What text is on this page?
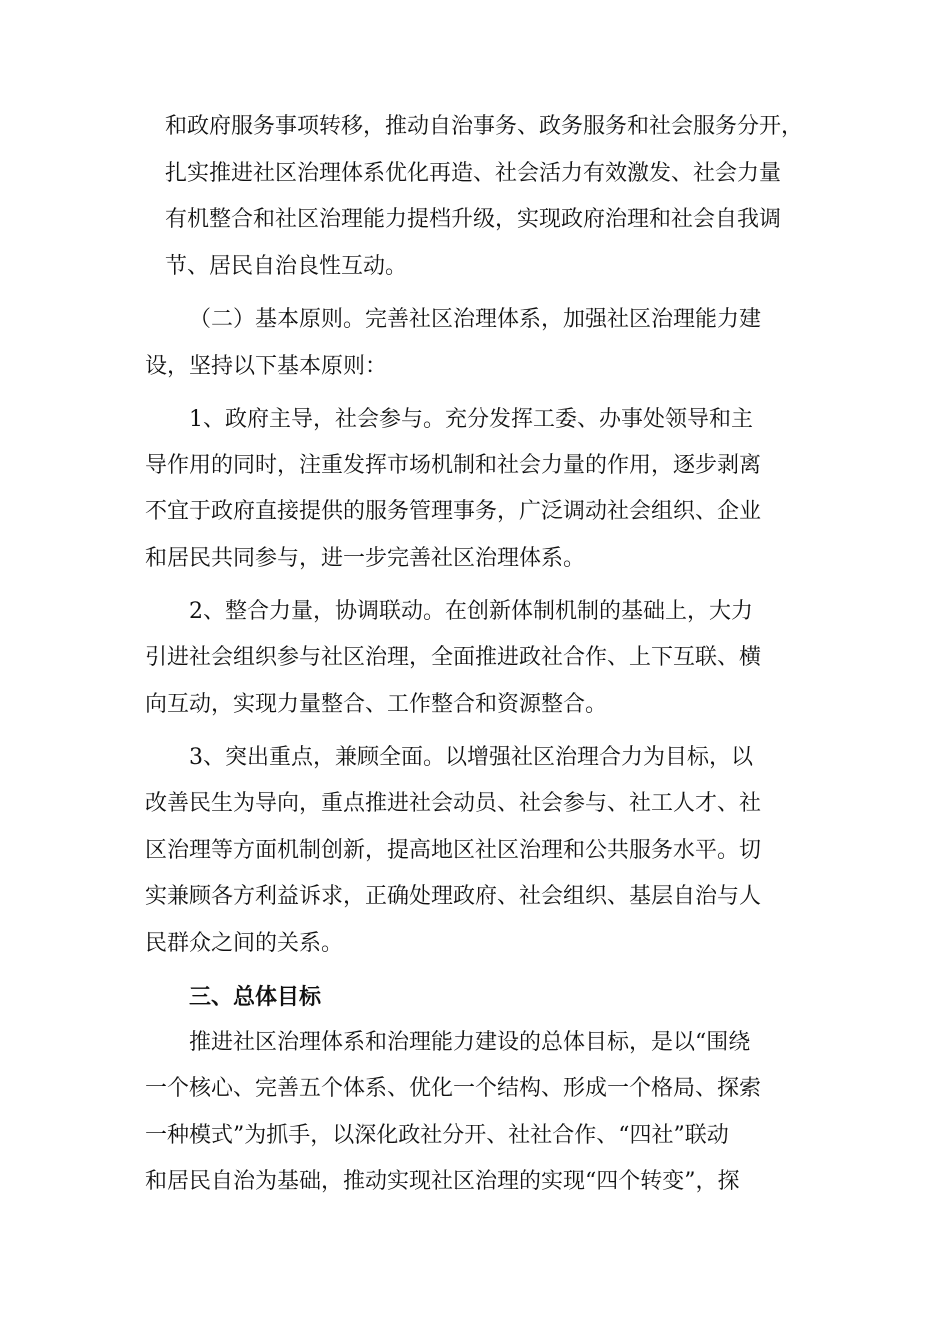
和政府服务事项转移，推动自治事务、政务服务和社会服务分开，
扎实推进社区治理体系优化再造、社会活力有效激发、社会力量
有机整合和社区治理能力提档升级，实现政府治理和社会自我调
节、居民自治良性互动。
（二）基本原则。完善社区治理体系，加强社区治理能力建
设，坚持以下基本原则：
1、政府主导，社会参与。充分发挥工委、办事处领导和主
导作用的同时，注重发挥市场机制和社会力量的作用，逐步剥离
不宜于政府直接提供的服务管理事务，广泛调动社会组织、企业
和居民共同参与，进一步完善社区治理体系。
2、整合力量，协调联动。在创新体制机制的基础上，大力
引进社会组织参与社区治理，全面推进政社合作、上下互联、横
向互动，实现力量整合、工作整合和资源整合。
3、突出重点，兼顾全面。以增强社区治理合力为目标，以
改善民生为导向，重点推进社会动员、社会参与、社工人才、社
区治理等方面机制创新，提高地区社区治理和公共服务水平。切
实兼顾各方利益诉求，正确处理政府、社会组织、基层自治与人
民群众之间的关系。
三、总体目标
推进社区治理体系和治理能力建设的总体目标，是以“围绕
一个核心、完善五个体系、优化一个结构、形成一个格局、探索
一种模式”为抓手，以深化政社分开、社社合作、“四社”联动
和居民自治为基础，推动实现社区治理的实现“四个转变”，探
